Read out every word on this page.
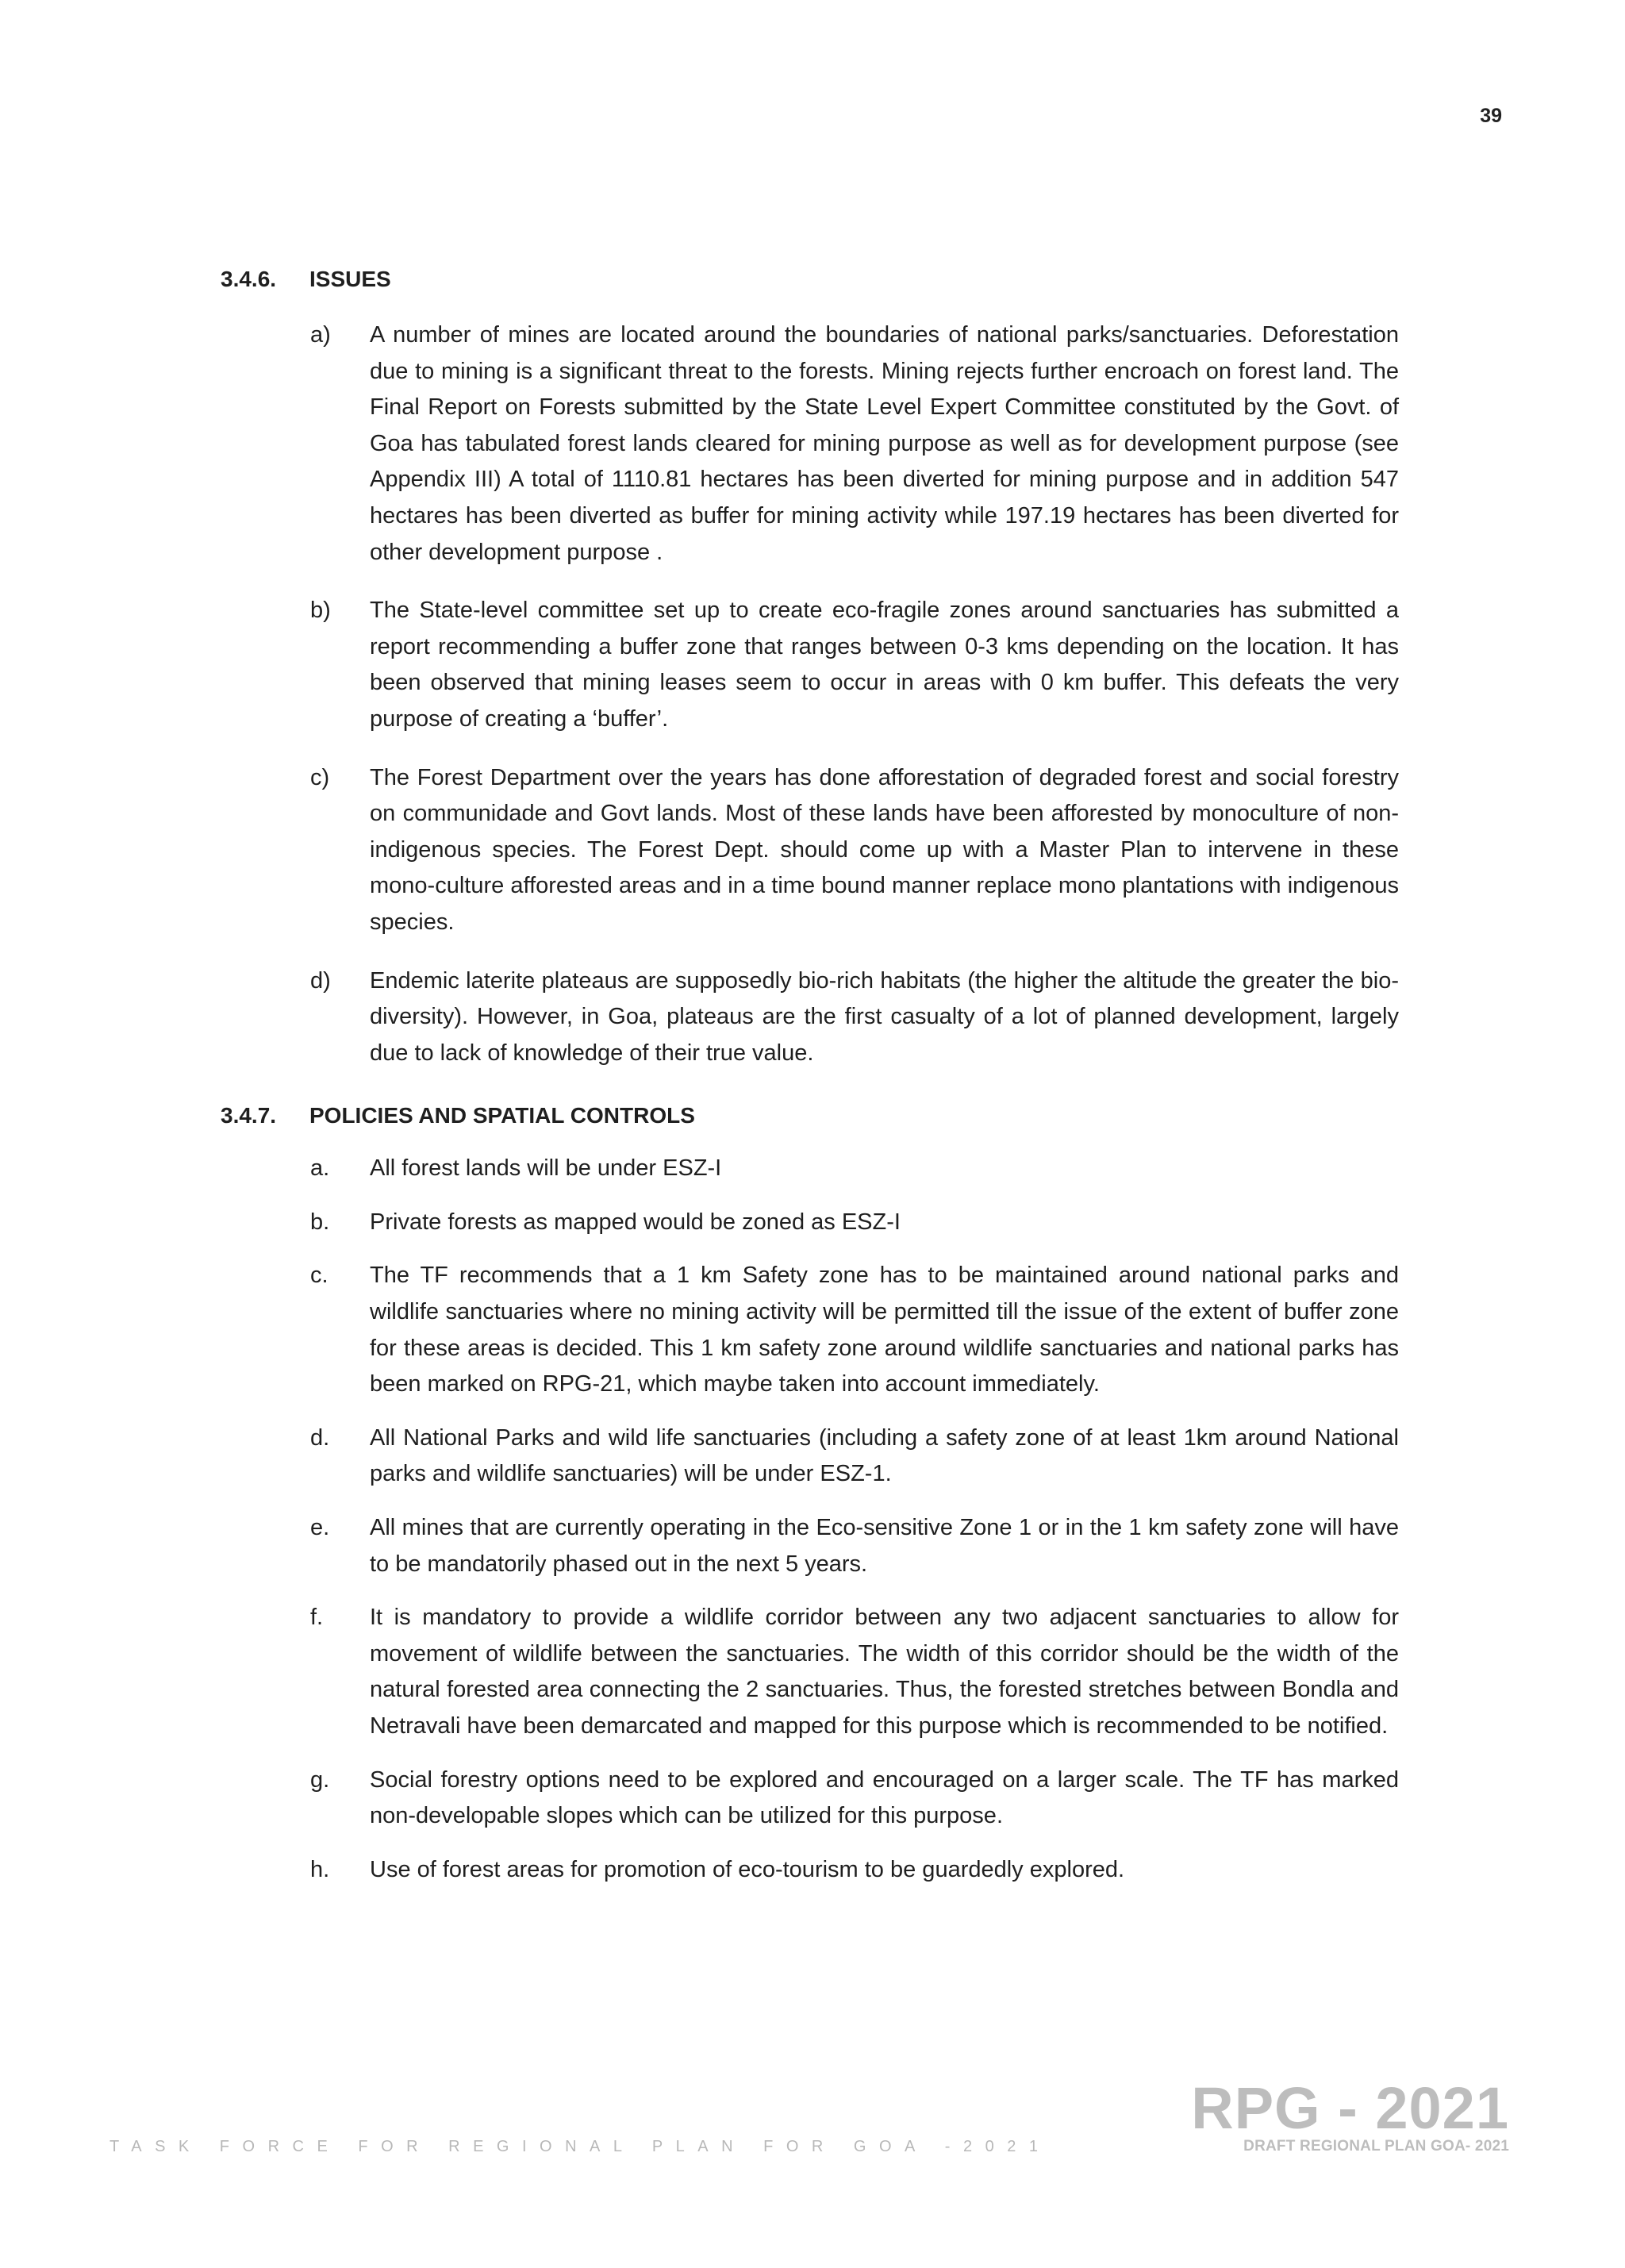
39
3.4.6. ISSUES
a)	A number of mines are located around the boundaries of national parks/sanctuaries. Deforestation due to mining is a significant threat to the forests. Mining rejects further encroach on forest land. The Final Report on Forests submitted by the State Level Expert Committee constituted by the Govt. of Goa has tabulated forest lands cleared for mining purpose as well as for development purpose (see Appendix III) A total of 1110.81 hectares has been diverted for mining purpose and in addition 547 hectares has been diverted as buffer for mining activity while 197.19 hectares has been diverted for other development purpose .
b)	The State-level committee set up to create eco-fragile zones around sanctuaries has submitted a report recommending a buffer zone that ranges between 0-3 kms depending on the location. It has been observed that mining leases seem to occur in areas with 0 km buffer. This defeats the very purpose of creating a ‘buffer’.
c)	The Forest Department over the years has done afforestation of degraded forest and social forestry on communidade and Govt lands. Most of these lands have been afforested by monoculture of non-indigenous species. The Forest Dept. should come up with a Master Plan to intervene in these mono-culture afforested areas and in a time bound manner replace mono plantations with indigenous species.
d)	Endemic laterite plateaus are supposedly bio-rich habitats (the higher the altitude the greater the bio-diversity). However, in Goa, plateaus are the first casualty of a lot of planned development, largely due to lack of knowledge of their true value.
3.4.7. POLICIES AND SPATIAL CONTROLS
a.	All forest lands will be under ESZ-I
b.	Private forests as mapped would be zoned as ESZ-I
c.	The TF recommends that a 1 km Safety zone has to be maintained around national parks and wildlife sanctuaries where no mining activity will be permitted till the issue of the extent of buffer zone for these areas is decided. This 1 km safety zone around wildlife sanctuaries and national parks has been marked on RPG-21, which maybe taken into account immediately.
d.	All National Parks and wild life sanctuaries (including a safety zone of at least 1km around National parks and wildlife sanctuaries) will be under ESZ-1.
e.	All mines that are currently operating in the Eco-sensitive Zone 1 or in the 1 km safety zone will have to be mandatorily phased out in the next 5 years.
f.	It is mandatory to provide a wildlife corridor between any two adjacent sanctuaries to allow for movement of wildlife between the sanctuaries. The width of this corridor should be the width of the natural forested area connecting the 2 sanctuaries. Thus, the forested stretches between Bondla and Netravali have been demarcated and mapped for this purpose which is recommended to be notified.
g.	Social forestry options need to be explored and encouraged on a larger scale. The TF has marked non-developable slopes which can be utilized for this purpose.
h.	Use of forest areas for promotion of eco-tourism to be guardedly explored.
TASK FORCE FOR REGIONAL PLAN FOR GOA -2021
RPG - 2021
DRAFT REGIONAL PLAN GOA- 2021
